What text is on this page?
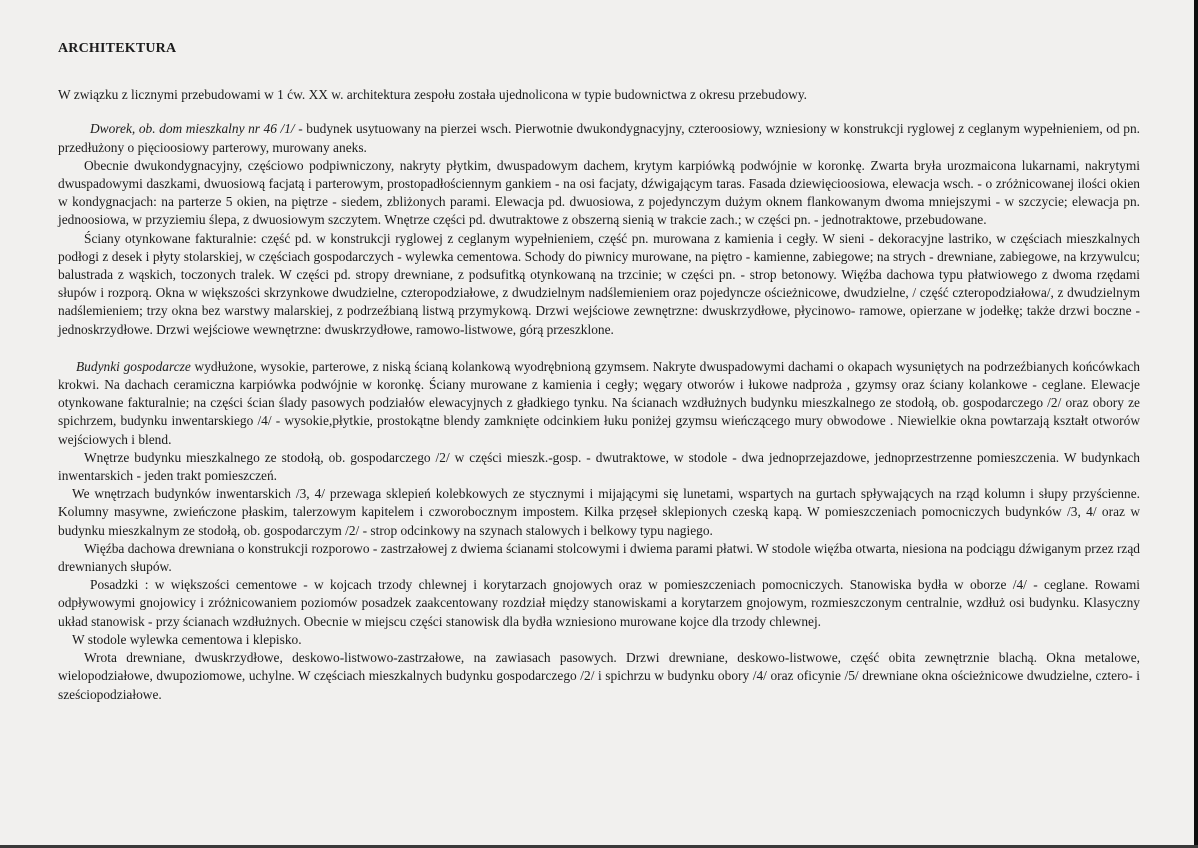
ARCHITEKTURA

W związku z licznymi przebudowami w 1 ćw. XX w. architektura zespołu została ujednolicona w typie budownictwa z okresu przebudowy.

Dworek, ob. dom mieszkalny nr 46 /1/ - budynek usytuowany na pierzei wsch. Pierwotnie dwukondygnacyjny, czteroosiowy, wzniesiony w konstrukcji ryglowej z ceglanym wypełnieniem, od pn. przedłużony o pięcioosiowy parterowy, murowany aneks.

Obecnie dwukondygnacyjny, częściowo podpiwniczony, nakryty płytkim, dwuspadowym dachem, krytym karpiówką podwójnie w koronkę. Zwarta bryła urozmaicona lukarnami, nakrytymi dwuspadowymi daszkami, dwuosiową facjatą i parterowym, prostopadłościennym gankiem - na osi facjaty, dźwigającym taras. Fasada dziewięcioosiowa, elewacja wsch. - o zróżnicowanej ilości okien w kondygnacjach: na parterze 5 okien, na piętrze - siedem, zbliżonych parami. Elewacja pd. dwuosiowa, z pojedynczym dużym oknem flankowanym dwoma mniejszymi - w szczycie; elewacja pn. jednoosiowa, w przyziemiu ślepa, z dwuosiowym szczytem. Wnętrze części pd. dwutraktowe z obszerną sienią w trakcie zach.; w części pn. - jednotraktowe, przebudowane.

Ściany otynkowane fakturalnie: część pd. w konstrukcji ryglowej z ceglanym wypełnieniem, część pn. murowana z kamienia i cegły. W sieni - dekoracyjne lastriko, w częściach mieszkalnych podłogi z desek i płyty stolarskiej, w częściach gospodarczych - wylewka cementowa. Schody do piwnicy murowane, na piętro - kamienne, zabiegowe; na strych - drewniane, zabiegowe, na krzywulcu; balustrada z wąskich, toczonych tralek. W części pd. stropy drewniane, z podsufitką otynkowaną na trzcinie; w części pn. - strop betonowy. Więźba dachowa typu płatwiowego z dwoma rzędami słupów i rozporą. Okna w większości skrzynkowe dwudzielne, czteropodziałowe, z dwudzielnym nadślemieniem oraz pojedyncze ościeżnicowe, dwudzielne, / część czteropodziałowa/, z dwudzielnym nadślemieniem; trzy okna bez warstwy malarskiej, z podrzeźbianą listwą przymykową. Drzwi wejściowe zewnętrzne: dwuskrzydłowe, płycinowo- ramowe, opierzane w jodełkę; także drzwi boczne - jednoskrzydłowe. Drzwi wejściowe wewnętrzne: dwuskrzydłowe, ramowo-listwowe, górą przeszklone.

Budynki gospodarcze wydłużone, wysokie, parterowe, z niską ścianą kolankową wyodrębnioną gzymsem. Nakryte dwuspadowymi dachami o okapach wysuniętych na podrzeźbianych końcówkach krokwi. Na dachach ceramiczna karpiówka podwójnie w koronkę. Ściany murowane z kamienia i cegły; węgary otworów i łukowe nadproża , gzymsy oraz ściany kolankowe - ceglane. Elewacje otynkowane fakturalnie; na części ścian ślady pasowych podziałów elewacyjnych z gładkiego tynku. Na ścianach wzdłużnych budynku mieszkalnego ze stodołą, ob. gospodarczego /2/ oraz obory ze spichrzem, budynku inwentarskiego /4/ - wysokie,płytkie, prostokątne blendy zamknięte odcinkiem łuku poniżej gzymsu wieńczącego mury obwodowe . Niewielkie okna powtarzają kształt otworów wejściowych i blend.

Wnętrze budynku mieszkalnego ze stodołą, ob. gospodarczego /2/ w części mieszk.-gosp. - dwutraktowe, w stodole - dwa jednoprzejazdowe, jednoprzestrzenne pomieszczenia. W budynkach inwentarskich - jeden trakt pomieszczeń.

We wnętrzach budynków inwentarskich /3, 4/ przewaga sklepień kolebkowych ze stycznymi i mijającymi się lunetami, wspartych na gurtach spływających na rząd kolumn i słupy przyścienne. Kolumny masywne, zwieńczone płaskim, talerzowym kapitelem i czworobocznym impostem. Kilka przęseł sklepionych czeską kapą. W pomieszczeniach pomocniczych budynków /3, 4/ oraz w budynku mieszkalnym ze stodołą, ob. gospodarczym /2/ - strop odcinkowy na szynach stalowych i belkowy typu nagiego.

Więźba dachowa drewniana o konstrukcji rozporowo - zastrzałowej z dwiema ścianami stolcowymi i dwiema parami płatwi. W stodole więźba otwarta, niesiona na podciągu dźwiganym przez rząd drewnianych słupów.

Posadzki : w większości cementowe - w kojcach trzody chlewnej i korytarzach gnojowych oraz w pomieszczeniach pomocniczych. Stanowiska bydła w oborze /4/ - ceglane. Rowami odpływowymi gnojowicy i zróżnicowaniem poziomów posadzek zaakcentowany rozdział między stanowiskami a korytarzem gnojowym, rozmieszczonym centralnie, wzdłuż osi budynku. Klasyczny układ stanowisk - przy ścianach wzdłużnych. Obecnie w miejscu części stanowisk dla bydła wzniesiono murowane kojce dla trzody chlewnej.

W stodole wylewka cementowa i klepisko.

Wrota drewniane, dwuskrzydłowe, deskowo-listwowo-zastrzałowe, na zawiasach pasowych. Drzwi drewniane, deskowo-listwowe, część obita zewnętrznie blachą. Okna metalowe, wielopodziałowe, dwupoziomowe, uchylne. W częściach mieszkalnych budynku gospodarczego /2/ i spichrzu w budynku obory /4/ oraz oficynie /5/ drewniane okna ościeżnicowe dwudzielne, cztero- i sześciopodziałowe.
